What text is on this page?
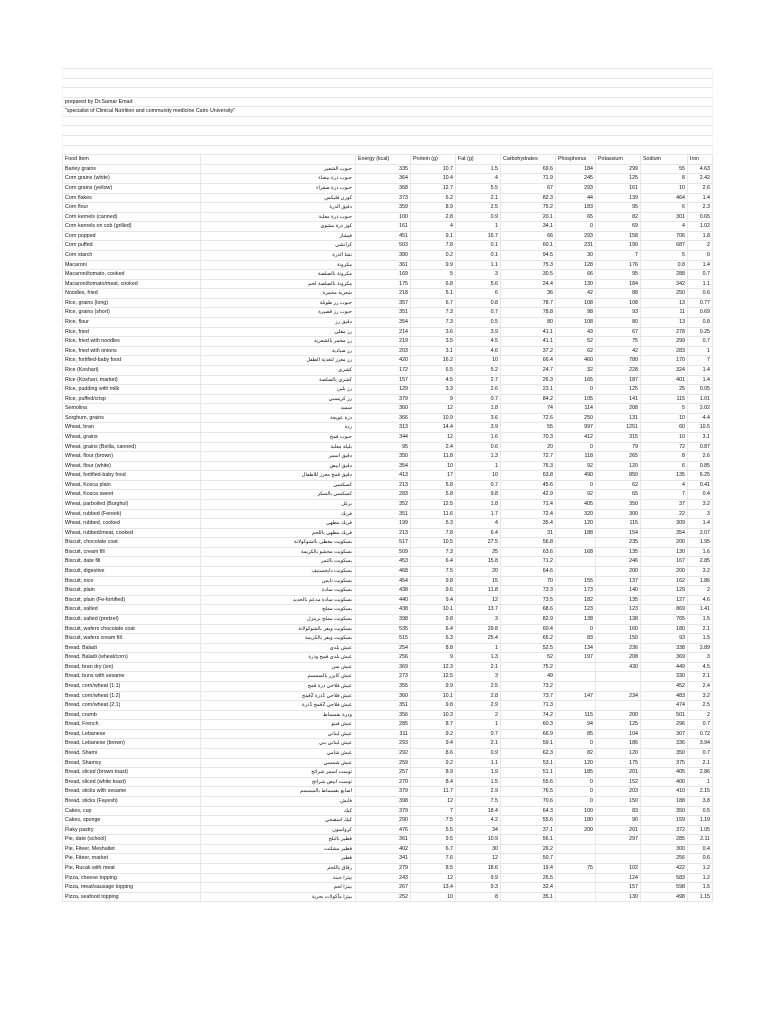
prepared by Dr.Samar Emad									
"specialist of Clinical Nutrition and community medicine Cairo University"									

Food Item		Energy (kcal)	Protein (g)	Fat (g)	Carbohydrates	Phosphorus	Potassium	Sodium	Iron
Barley grains	حبوب الشعير	335	10.7	1.5	69.6	184	299	55	4.63
Corn grains (white)	حبوب ذرة بيضاء	364	10.4	4	71.9	245	125	8	2.42
Corn grains (yellow)	حبوب ذرة صفراء	368	12.7	5.5	67	293	161	10	2.6
Corn flakes	كورن فليكس	373	6.2	2.1	82.3	44	139	464	1.4
Corn flour	دقيق الذرة	359	8.9	2.5	75.2	183	95	6	2.3
Corn kernels (canned)	حبوب ذرة معلبة	100	2.8	0.9	20.1	65	82	301	0.65
Corn kernels on cob (grilled)	كوز ذرة مشوي	161	4	1	34.1	0	69	4	1.02
Corn popped	فيشار	451	9.1	16.7	66	293	158	706	1.8
Corn puffed	كرانشي	503	7.8	0.1	60.1	231	190	687	2
Corn starch	نشا الذرة	380	0.2	0.1	94.5	30	7	5	0
Macaroni	مكرونة	361	9.9	1.1	75.3	128	176	0.8	1.4
Macaroni/tomato, cooked	مكرونة بالصلصة	169	5	3	30.5	66	95	288	0.7
Macaroni/tomato/meat, cooked	مكرونة بالصلصة لحم	175	6.8	5.6	24.4	130	184	342	1.1
Noodles, fried	شعرية محمرة	218	5.1	6	36	42	88	250	0.6
Rice, grains (long)	حبوب رز طويلة	357	6.7	0.8	78.7	108	108	13	0.77
Rice, grains (short)	حبوب رز قصيرة	351	7.3	0.7	78.8	98	93	11	0.69
Rice, flour	دقيق رز	354	7.3	0.5	80	108	80	13	0.8
Rice, fried	رز مقلي	214	3.6	3.9	41.1	43	67	278	0.25
Rice, fried with noodles	رز محمر بالشعرية	219	3.5	4.5	41.1	52	75	299	0.7
Rice, fried with onions	رز صيادية	203	3.1	4.6	37.2	62	42	283	1
Rice, fortified-baby food	رز معزز لتغذية الطفل	420	16.2	10	66.4	460	780	170	7
Rice (Koshari)	كشري	172	6.5	5.2	24.7	32	228	324	1.4
Rice (Koshari, market)	كشري بالصلصة	157	4.5	2.7	26.3	165	187	401	1.4
Rice, pudding with milk	رز بلبن	129	3.3	2.6	23.1	0	125	25	0.05
Rice, puffed/crisp	رز كريسبي	379	9	0.7	84.2	105	141	115	1.01
Semolina	سميد	360	12	1.8	74	114	208	5	2.02
Sorghum, grains	ذرة عويجة	366	10.9	3.6	72.6	250	131	10	4.4
Wheat, bran	ردة	313	14.4	3.9	55	997	1251	60	10.5
Wheat, grains	حبوب قمح	344	12	1.6	70.3	412	315	10	3.1
Wheat, grains (Belila, canned)	بليلة معلبة	95	2.4	0.6	20	0	79	72	0.87
Wheat, flour (brown)	دقيق اسمر	350	11.8	1.3	72.7	118	265	8	2.6
Wheat, flour (white)	دقيق ابيض	354	10	1	76.3	92	120	6	0.85
Wheat, fortified-baby food	دقيق قمح معزز للاطفال	413	17	10	63.8	490	850	135	6.25
Wheat, Kosca plain	كسكسي	213	5.8	0.7	45.6	0	62	4	0.41
Wheat, Kosca sweet	كسكسي بالسكر	283	5.8	9.8	42.9	92	65	7	0.4
Wheat, parboiled (Burghul)	برغل	352	12.5	1.8	71.4	405	350	37	3.2
Wheat, rubbed (Fereek)	فريك	351	11.6	1.7	72.4	320	300	22	3
Wheat, rubbed, cooked	فريك مطهي	199	5.3	4	35.4	120	115	309	1.4
Wheat, rubbed/meat, cooked	فريك مطهي باللحم	213	7.8	6.4	31	188	154	354	2.07
Biscuit, chocolate coat	بسكويت مغطى بالشوكولاتة	517	10.5	27.5	56.8		235	200	1.95
Biscuit, cream fill	بسكويت محشو بالكريمة	509	7.3	25	63.6	168	135	130	1.6
Biscuit, date fill	بسكويت بالتمر	453	6.4	15.8	71.2		246	167	2.85
Biscuit, digestive	بسكويت دايجستيف	468	7.5	20	64.6		200	200	3.2
Biscuit, nice	بسكويت نايس	454	9.8	15	70	155	137	162	1.86
Biscuit, plain	بسكويت سادة	438	9.6	11.8	73.3	173	140	129	2
Biscuit, plain (Fe-fortified)	بسكويت سادة مدعم بالحديد	440	9.4	12	73.5	182	135	127	4.6
Biscuit, salted	بسكويت مملح	438	10.1	13.7	68.6	123	123	869	1.41
Biscuit, salted (pretzel)	بسكويت مملح بريتزل	398	9.8	3	82.9	138	138	765	1.5
Biscuit, wafers chocolate coat	بسكويت ويفر بالشوكولاتة	535	6.4	29.8	60.4	0	160	180	2.1
Biscuit, wafers cream fill	بسكويت ويفر بالكريمة	515	6.3	25.4	65.2	83	150	93	1.5
Bread, Baladi	عيش بلدي	254	8.8	1	52.5	134	236	338	2.89
Bread, Baladi (wheat/corn)	عيش بلدي قمح وذرة	256	9	1.3	52	197	208	369	3
Bread, bran dry (sin)	عيش سن	369	12.3	2.1	75.2		430	449	4.5
Bread, buns with sesame	عيش كايزر بالسمسم	273	12.5	3	49			330	2.1
Bread, corn/wheat (1:1)	عيش فلاحي ذرة قمح	355	9.9	2.5	73.2			452	2.4
Bread, corn/wheat (1:2)	عيش فلاحي 1ذرة 2قمح	360	10.1	2.8	73.7	147	234	483	3.2
Bread, corn/wheat (2:1)	عيش فلاحي 2قمح 1ذرة	351	9.8	2.9	71.3			474	2.5
Bread, crumb	ودرة بقسماط	356	10.3	2	74.2	115	200	501	2
Bread, French	عيش فينو	285	8.7	1	60.3	94	125	296	0.7
Bread, Lebanese	عيش لبناني	311	9.2	0.7	66.9	85	104	307	0.72
Bread, Lebanese (brown)	عيش لبناني بني	293	9.4	2.1	59.1	0	186	336	3.94
Bread, Shami	عيش شامي	292	8.6	0.9	62.3	82	120	350	0.7
Bread, Shamsy	عيش شمسي	259	9.2	1.1	53.1	120	175	375	2.1
Bread, sliced (brown toast)	توست اسمر شرائح	257	8.9	1.9	51.1	185	201	405	2.86
Bread, sliced (white toast)	توست ابيض شرائح	270	8.4	1.5	55.6	0	152	400	1
Bread, sticks with sesame	اصابع بقسماط بالسمسم	379	11.7	2.9	76.5	0	203	410	2.15
Bread, sticks (Fayesh)	فايش	398	12	7.5	70.6	0	150	188	3.8
Cakes, cup	كيك	379	7	18.4	64.3	100	83	350	0.5
Cakes, sponge	كيك اسفنجي	290	7.5	4.2	55.6	180	90	159	1.19
Flaky pastry	كرواسون	476	5.5	34	37.1	200	201	372	1.05
Pie, date (school)	فطير بالبلح	361	9.5	10.9	56.1		297	285	2.11
Pie, Fiteer, Meshaltet	فطير مشلتت	402	6.7	30	26.2			300	0.4
Pie, Fiteer, market	فطير	341	7.6	12	50.7			256	0.6
Pie, Rucak with meat	رقاق باللحم	279	8.5	18.6	19.4	75	102	422	1.2
Pizza, cheese topping	بيتزا جبنة	243	12	9.9	26.5		124	583	1.2
Pizza, meat/sausage topping	بيتزا لحم	267	13.4	9.3	32.4		157	598	1.5
Pizza, seafood topping	بيتزا مأكولات بحرية	252	10	8	35.1		130	498	1.15
